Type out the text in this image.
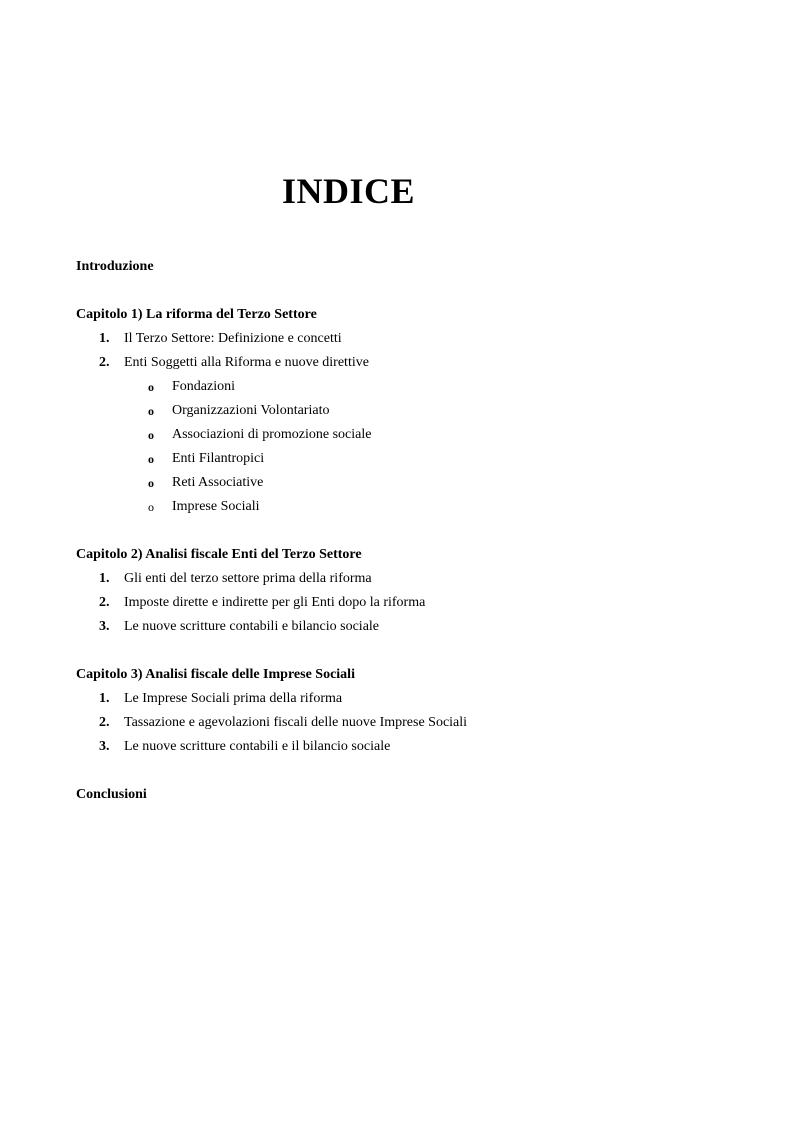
INDICE
Introduzione
Capitolo 1) La riforma del Terzo Settore
1. Il Terzo Settore: Definizione e concetti
2. Enti Soggetti alla Riforma e nuove direttive
o Fondazioni
o Organizzazioni Volontariato
o Associazioni di promozione sociale
o Enti Filantropici
o Reti Associative
o Imprese Sociali
Capitolo 2) Analisi fiscale Enti del Terzo Settore
1. Gli enti del terzo settore prima della riforma
2. Imposte dirette e indirette per gli Enti dopo la riforma
3. Le nuove scritture contabili e bilancio sociale
Capitolo 3) Analisi fiscale delle Imprese Sociali
1. Le Imprese Sociali prima della riforma
2. Tassazione e agevolazioni fiscali delle nuove Imprese Sociali
3. Le nuove scritture contabili e il bilancio sociale
Conclusioni
